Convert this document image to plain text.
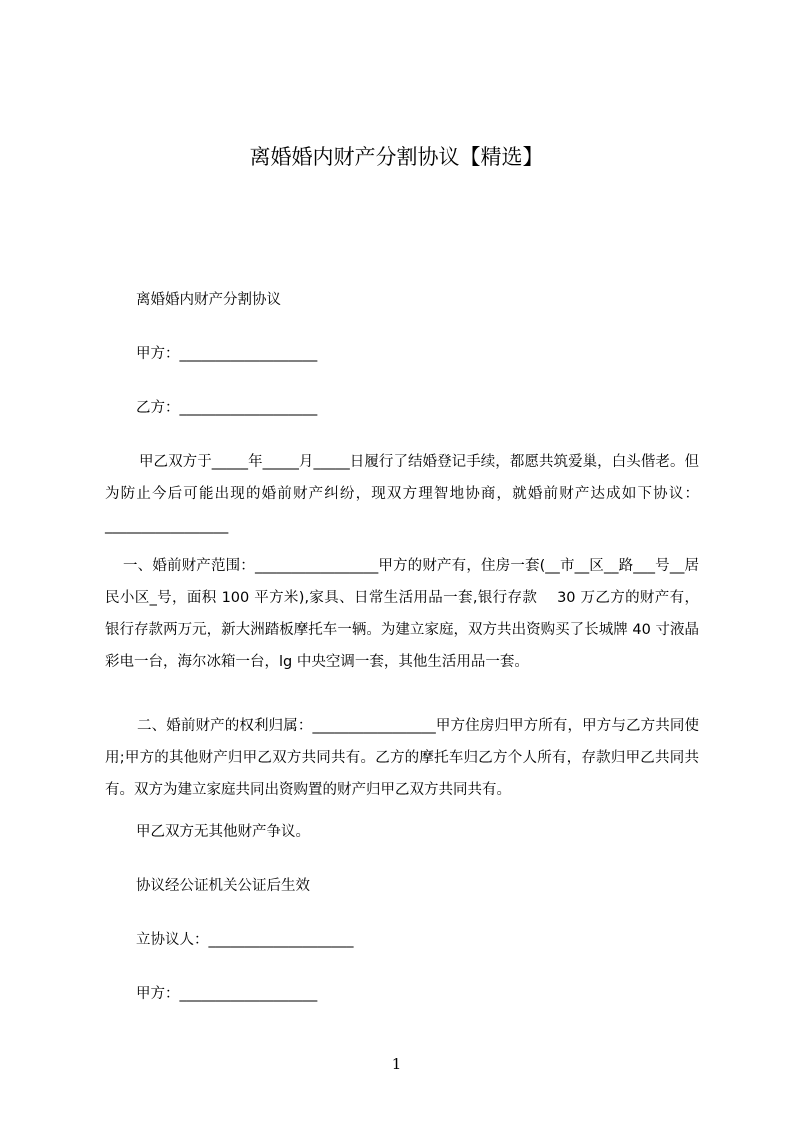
离婚婚内财产分割协议【精选】
离婚婚内财产分割协议
甲方：___________________
乙方：___________________
甲乙双方于_____年_____月_____日履行了结婚登记手续，都愿共筑爱巢，白头偕老。但为防止今后可能出现的婚前财产纠纷，现双方理智地协商，就婚前财产达成如下协议：_________________
一、婚前财产范围：_________________甲方的财产有，住房一套(__市__区__路___号__居民小区_号，面积 100 平方米),家具、日常生活用品一套,银行存款　 30 万乙方的财产有，银行存款两万元，新大洲踏板摩托车一辆。为建立家庭，双方共出资购买了长城牌 40 寸液晶彩电一台，海尔冰箱一台，lg 中央空调一套，其他生活用品一套。
二、婚前财产的权利归属：_________________甲方住房归甲方所有，甲方与乙方共同使用;甲方的其他财产归甲乙双方共同共有。乙方的摩托车归乙方个人所有，存款归甲乙共同共有。双方为建立家庭共同出资购置的财产归甲乙双方共同共有。
甲乙双方无其他财产争议。
协议经公证机关公证后生效
立协议人：____________________
甲方：___________________
1
